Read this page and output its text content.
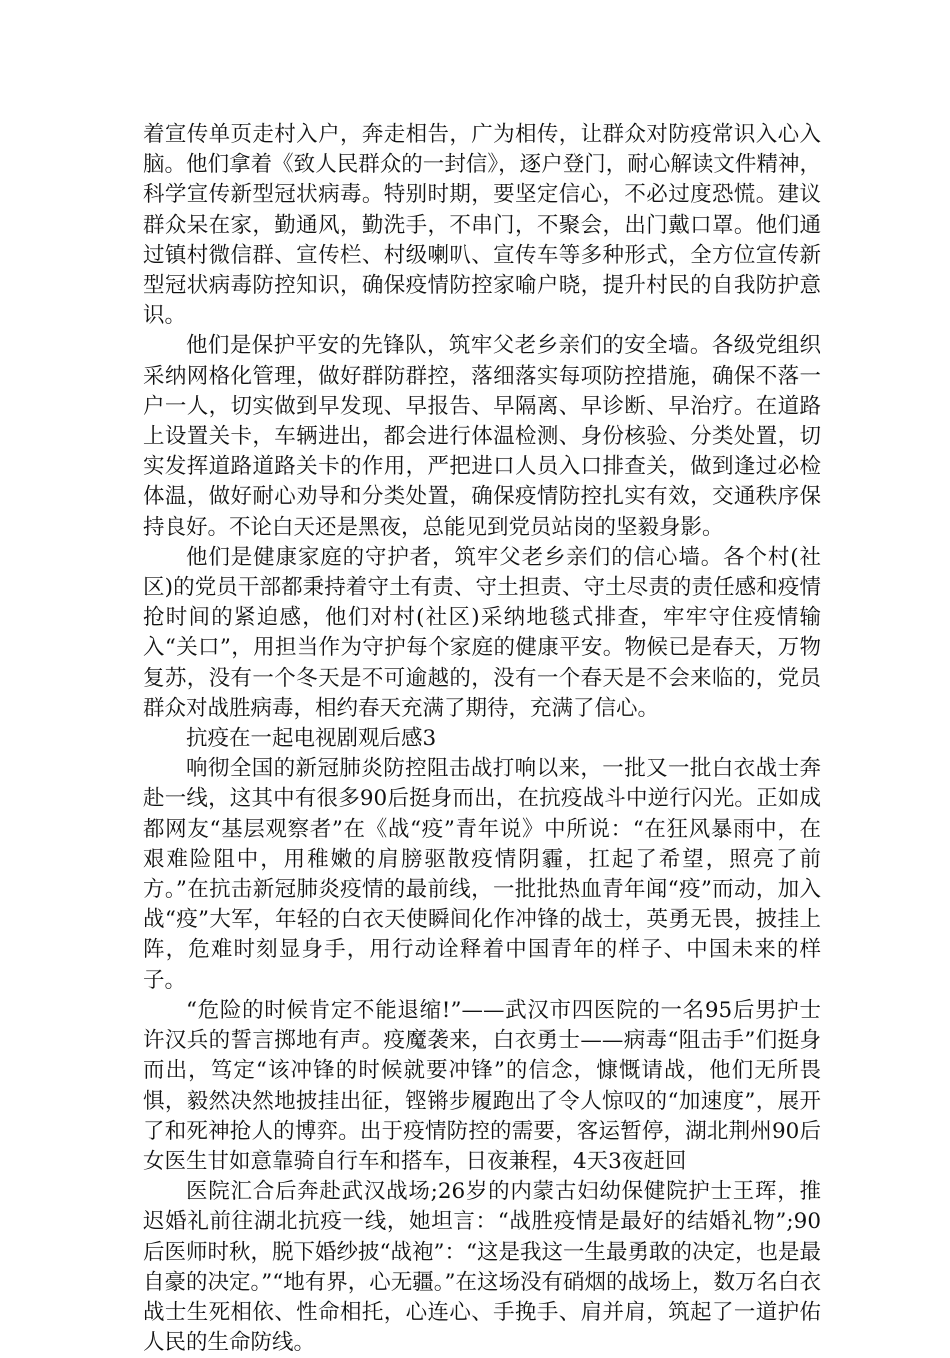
着宣传单页走村入户，奔走相告，广为相传，让群众对防疫常识入心入脑。他们拿着《致人民群众的一封信》，逐户登门，耐心解读文件精神，科学宣传新型冠状病毒。特别时期，要坚定信心，不必过度恐慌。建议群众呆在家，勤通风，勤洗手，不串门，不聚会，出门戴口罩。他们通过镇村微信群、宣传栏、村级喇叭、宣传车等多种形式，全方位宣传新型冠状病毒防控知识，确保疫情防控家喻户晓，提升村民的自我防护意识。

他们是保护平安的先锋队，筑牢父老乡亲们的安全墙。各级党组织采纳网格化管理，做好群防群控，落细落实每项防控措施，确保不落一户一人，切实做到早发现、早报告、早隔离、早诊断、早治疗。在道路上设置关卡，车辆进出，都会进行体温检测、身份核验、分类处置，切实发挥道路道路关卡的作用，严把进口人员入口排查关，做到逢过必检体温，做好耐心劝导和分类处置，确保疫情防控扎实有效，交通秩序保持良好。不论白天还是黑夜，总能见到党员站岗的坚毅身影。

他们是健康家庭的守护者，筑牢父老乡亲们的信心墙。各个村(社区)的党员干部都秉持着守土有责、守土担责、守土尽责的责任感和疫情抢时间的紧迫感，他们对村(社区)采纳地毯式排查，牢牢守住疫情输入“关口”，用担当作为守护每个家庭的健康平安。物候已是春天，万物复苏，没有一个冬天是不可逾越的，没有一个春天是不会来临的，党员群众对战胜病毒，相约春天充满了期待，充满了信心。

抗疫在一起电视剧观后感3

响彻全国的新冠肺炎防控阻击战打响以来，一批又一批白衣战士奔赴一线，这其中有很多90后挺身而出，在抗疫战斗中逆行闪光。正如成都网友“基层观察者”在《战“疫”青年说》中所说：“在狂风暴雨中，在艰难险阻中，用稚嫩的肩膀驱散疫情阴霾，扛起了希望，照亮了前方。”在抗击新冠肺炎疫情的最前线，一批批热血青年闻“疫”而动，加入战“疫”大军，年轻的白衣天使瞬间化作冲锋的战士，英勇无畏，披挂上阵，危难时刻显身手，用行动诠释着中国青年的样子、中国未来的样子。

“危险的时候肯定不能退缩!”——武汉市四医院的一名95后男护士许汉兵的誓言掷地有声。疫魔袭来，白衣勇士——病毒“阻击手”们挺身而出，笃定“该冲锋的时候就要冲锋”的信念，慷慨请战，他们无所畏惧，毅然决然地披挂出征，铿锵步履跑出了令人惊叹的“加速度”，展开了和死神抢人的博弈。出于疫情防控的需要，客运暂停，湖北荆州90后女医生甘如意靠骑自行车和搭车，日夜兼程，4天3夜赶回

医院汇合后奔赴武汉战场;26岁的内蒙古妇幼保健院护士王珲，推迟婚礼前往湖北抗疫一线，她坦言：“战胜疫情是最好的结婚礼物”;90后医师时秋，脱下婚纱披“战袍”：“这是我这一生最勇敢的决定，也是最自豪的决定。”“地有界，心无疆。”在这场没有硝烟的战场上，数万名白衣战士生死相依、性命相托，心连心、手挽手、肩并肩，筑起了一道护佑人民的生命防线。
